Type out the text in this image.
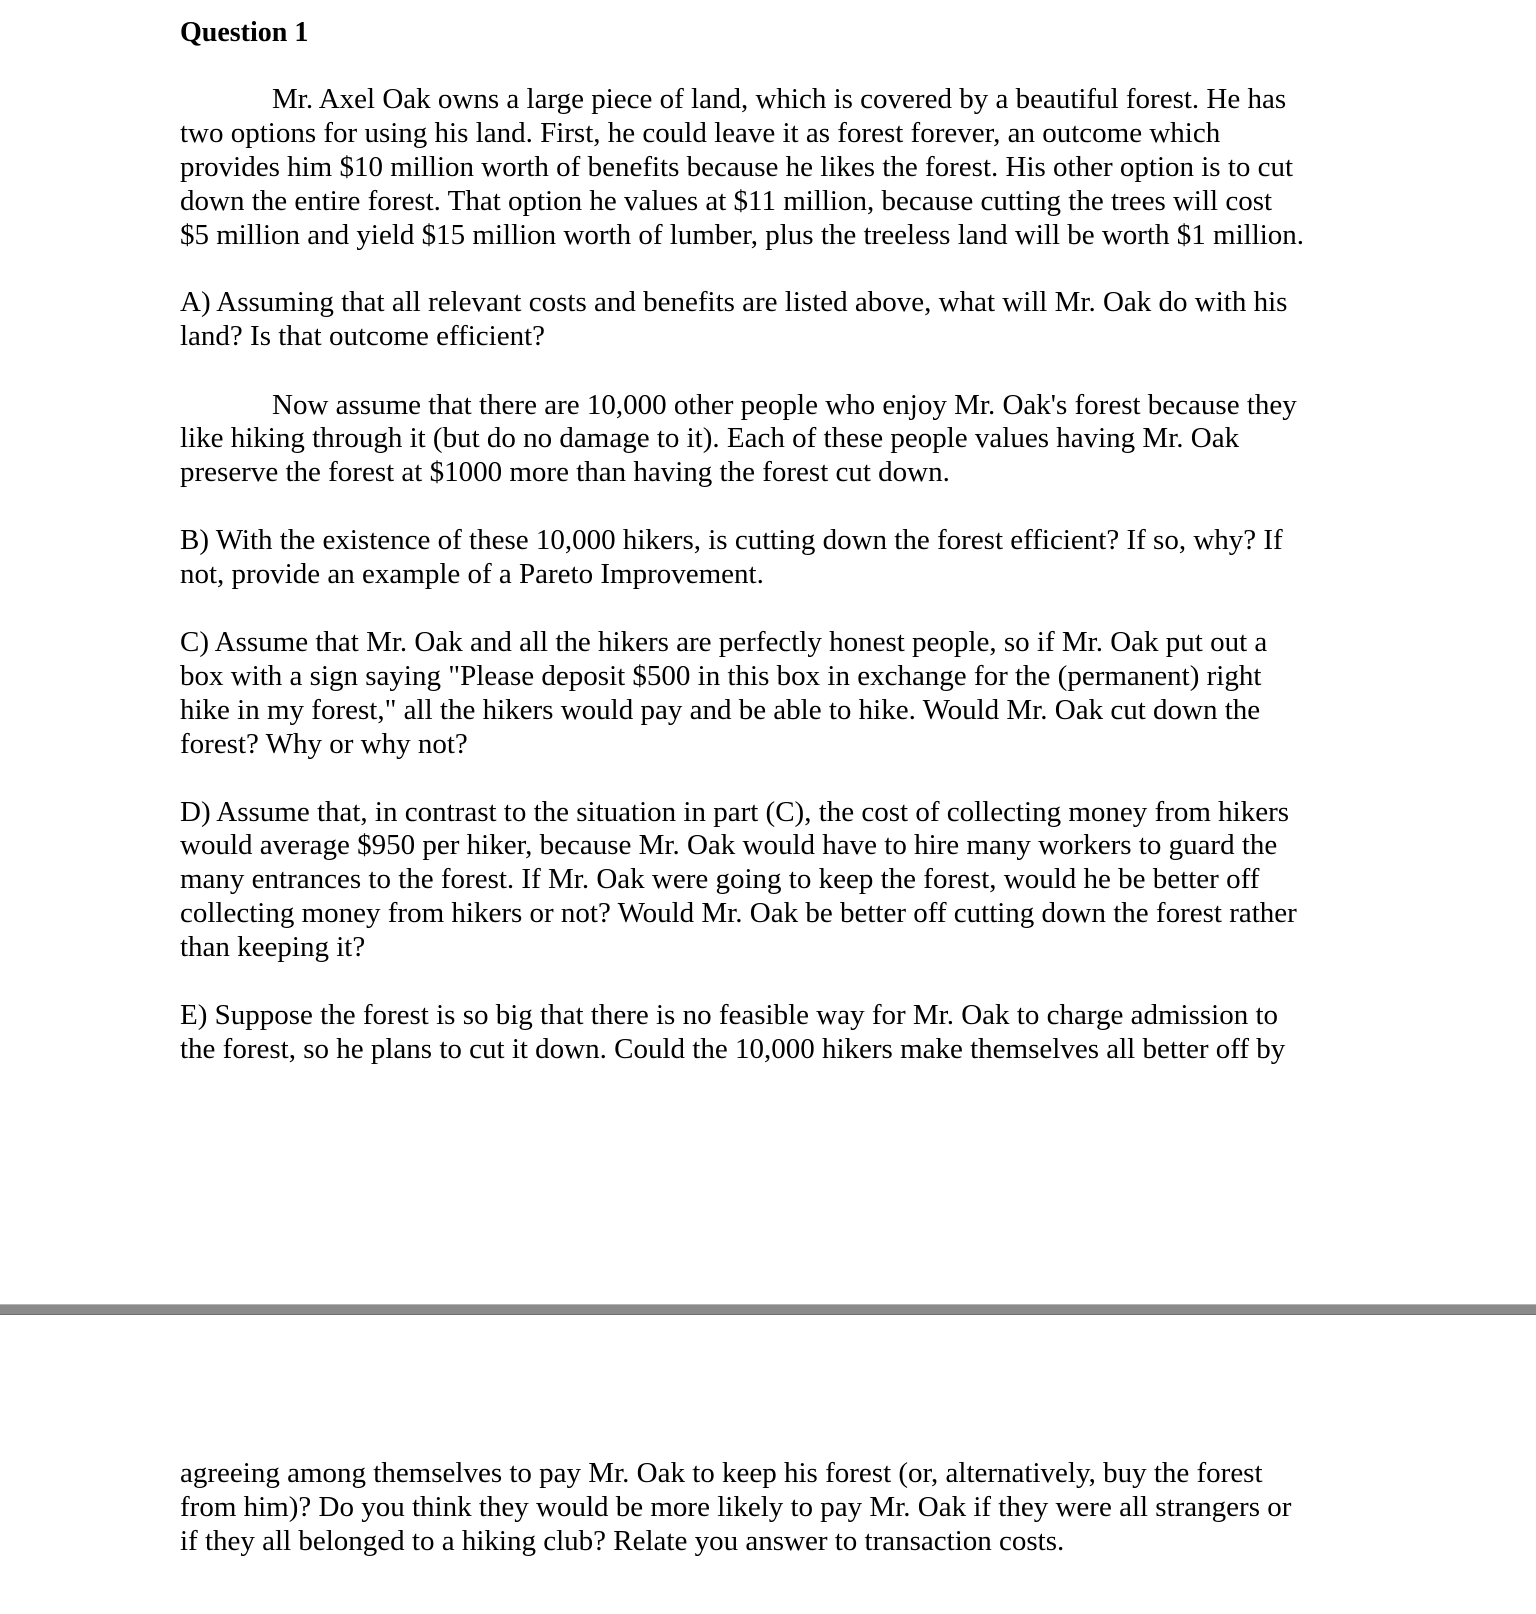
Question 1

Mr. Axel Oak owns a large piece of land, which is covered by a beautiful forest. He has

two options for using his land. First, he could leave it as forest forever, an outcome which

provides him $10 million worth of benefits because he likes the forest. His other option is to cut

down the entire forest. That option he values at $11 million, because cutting the trees will cost

$5 million and yield $15 million worth of lumber, plus the treeless land will be worth $1 million.

A) Assuming that all relevant costs and benefits are listed above, what will Mr. Oak do with his

land? Is that outcome efficient?

Now assume that there are 10,000 other people who enjoy Mr. Oak's forest because they

like hiking through it (but do no damage to it). Each of these people values having Mr. Oak

preserve the forest at $1000 more than having the forest cut down.

B) With the existence of these 10,000 hikers, is cutting down the forest efficient? If so, why? If

not, provide an example of a Pareto Improvement.

C) Assume that Mr. Oak and all the hikers are perfectly honest people, so if Mr. Oak put out a

box with a sign saying "Please deposit $500 in this box in exchange for the (permanent) right

hike in my forest," all the hikers would pay and be able to hike. Would Mr. Oak cut down the

forest? Why or why not?

D) Assume that, in contrast to the situation in part (C), the cost of collecting money from hikers

would average $950 per hiker, because Mr. Oak would have to hire many workers to guard the

many entrances to the forest. If Mr. Oak were going to keep the forest, would he be better off

collecting money from hikers or not? Would Mr. Oak be better off cutting down the forest rather

than keeping it?

E) Suppose the forest is so big that there is no feasible way for Mr. Oak to charge admission to

the forest, so he plans to cut it down. Could the 10,000 hikers make themselves all better off by

agreeing among themselves to pay Mr. Oak to keep his forest (or, alternatively, buy the forest

from him)? Do you think they would be more likely to pay Mr. Oak if they were all strangers or

if they all belonged to a hiking club? Relate you answer to transaction costs.
